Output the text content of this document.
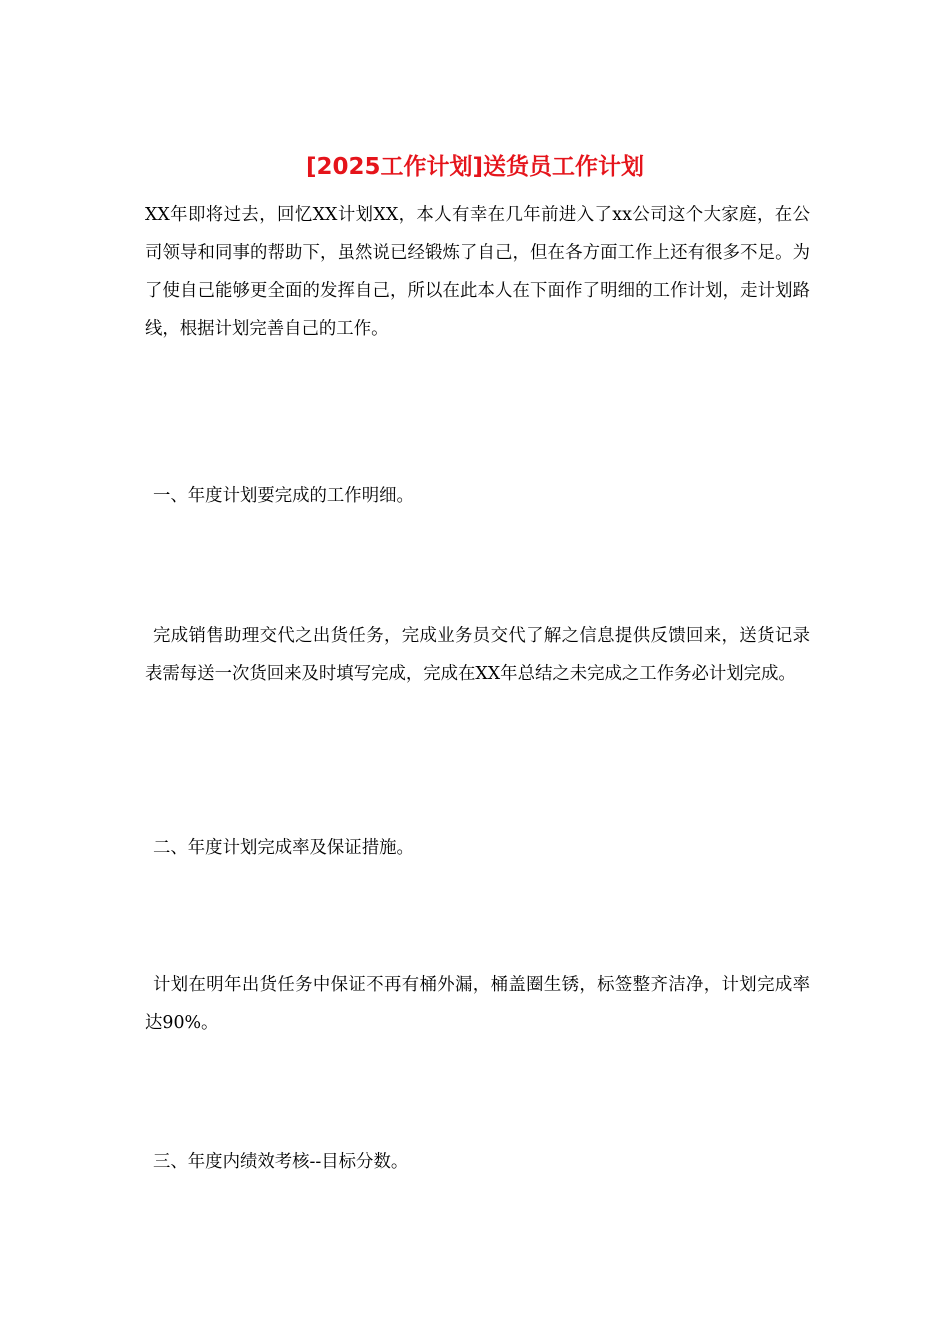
[2025工作计划]送货员工作计划
XX年即将过去，回忆XX计划XX，本人有幸在几年前进入了xx公司这个大家庭，在公司领导和同事的帮助下，虽然说已经锻炼了自己，但在各方面工作上还有很多不足。为了使自己能够更全面的发挥自己，所以在此本人在下面作了明细的工作计划，走计划路线，根据计划完善自己的工作。
一、年度计划要完成的工作明细。
完成销售助理交代之出货任务，完成业务员交代了解之信息提供反馈回来，送货记录表需每送一次货回来及时填写完成，完成在XX年总结之未完成之工作务必计划完成。
二、年度计划完成率及保证措施。
计划在明年出货任务中保证不再有桶外漏，桶盖圈生锈，标签整齐洁净，计划完成率达90%。
三、年度内绩效考核--目标分数。
